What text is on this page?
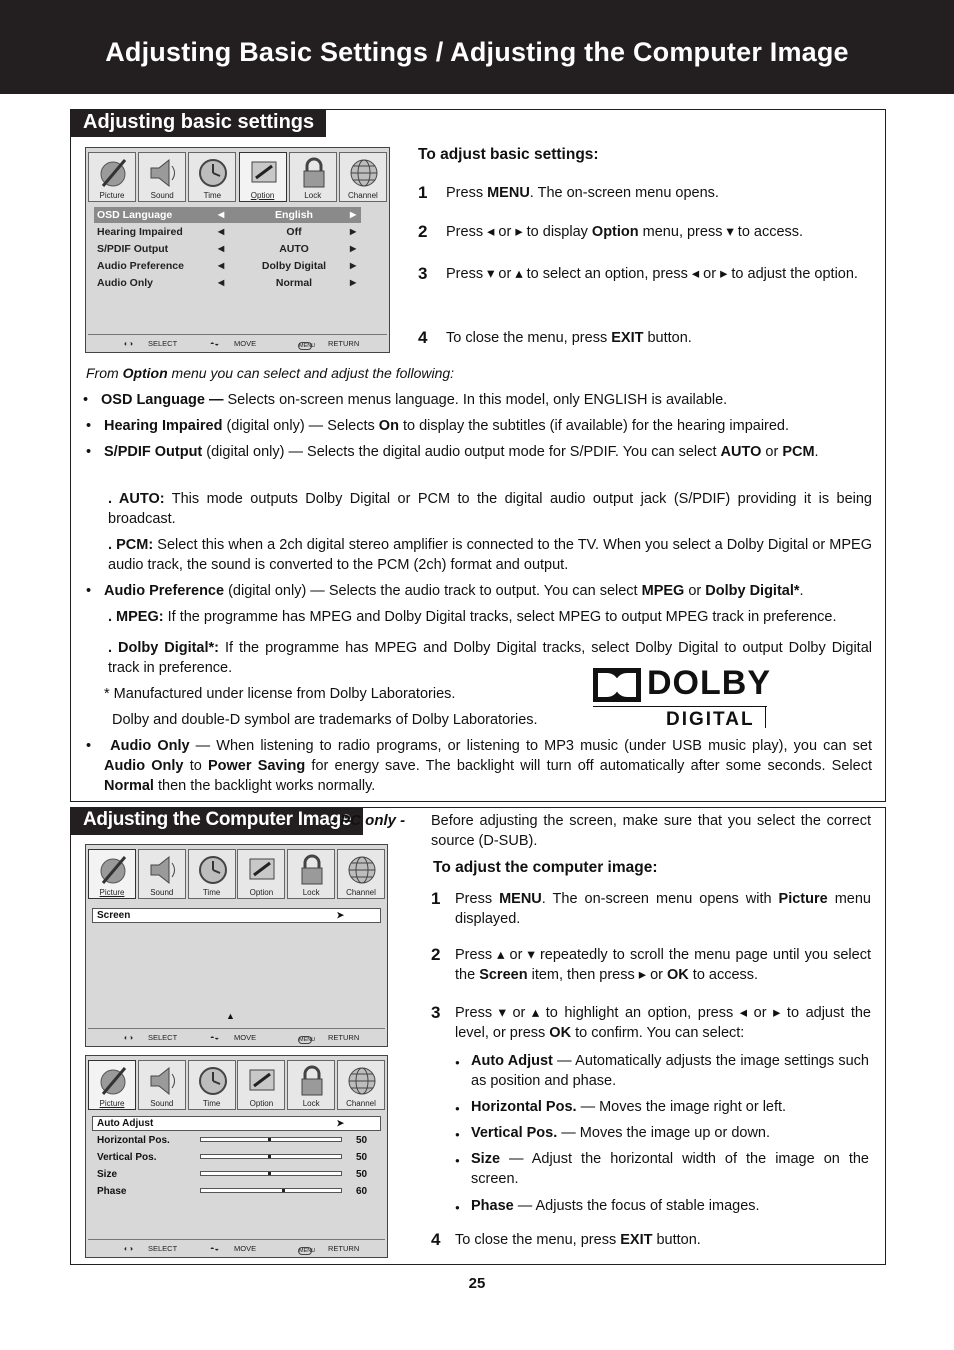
Adjusting Basic Settings / Adjusting the Computer Image
Adjusting basic settings
Picture	Sound	Time	Option	Lock	Channel
OSD Language	◀	English	▶
Hearing Impaired	◀	Off	▶
S/PDIF Output	◀	AUTO	▶
Audio Preference	◀	Dolby Digital	▶
Audio Only	◀	Normal	▶
◐◑ SELECT	◓◒ MOVE	MENU RETURN
To adjust basic settings:
1 Press MENU. The on-screen menu opens.
2 Press ◂ or ▸ to display Option menu, press ▾ to access.
3 Press ▾ or ▴ to select an option, press ◂ or ▸ to adjust the option.
4 To close the menu, press EXIT button.
From Option menu you can select and adjust the following:
• OSD Language — Selects on-screen menus language. In this model, only ENGLISH is available.
• Hearing Impaired (digital only) — Selects On to display the subtitles (if available) for the hearing impaired.
• S/PDIF Output (digital only) — Selects the digital audio output mode for S/PDIF. You can select AUTO or PCM.
. AUTO: This mode outputs Dolby Digital or PCM to the digital audio output jack (S/PDIF) providing it is being broadcast.
. PCM: Select this when a 2ch digital stereo amplifier is connected to the TV. When you select a Dolby Digital or MPEG audio track, the sound is converted to the PCM (2ch) format and output.
• Audio Preference (digital only) — Selects the audio track to output. You can select MPEG or Dolby Digital*.
. MPEG: If the programme has MPEG and Dolby Digital tracks, select MPEG to output MPEG track in preference.
. Dolby Digital*: If the programme has MPEG and Dolby Digital tracks, select Dolby Digital to output Dolby Digital track in preference.
* Manufactured under license from Dolby Laboratories.
Dolby and double-D symbol are trademarks of Dolby Laboratories.
DOLBY
DIGITAL
• Audio Only — When listening to radio programs, or listening to MP3 music (under USB music play), you can set Audio Only to Power Saving for energy save. The backlight will turn off automatically after some seconds. Select Normal then the backlight works normally.
Adjusting the Computer Image
- PC only -
Picture	Sound	Time	Option	Lock	Channel
Screen	➤
▲
◐◑ SELECT	◓◒ MOVE	MENU RETURN
Picture	Sound	Time	Option	Lock	Channel
Auto Adjust	➤
Horizontal Pos.	50
Vertical Pos.	50
Size	50
Phase	60
◐◑ SELECT	◓◒ MOVE	MENU RETURN
Before adjusting the screen, make sure that you select the correct source (D-SUB).
To adjust the computer image:
1 Press MENU. The on-screen menu opens with Picture menu displayed.
2 Press ▴ or ▾ repeatedly to scroll the menu page until you select the Screen item, then press ▸ or OK to access.
3 Press ▾ or ▴ to highlight an option, press ◂ or ▸ to adjust the level, or press OK to confirm. You can select:
● Auto Adjust — Automatically adjusts the image settings such as position and phase.
● Horizontal Pos. — Moves the image right or left.
● Vertical Pos. — Moves the image up or down.
● Size — Adjust the horizontal width of the image on the screen.
● Phase — Adjusts the focus of stable images.
4 To close the menu, press EXIT button.
25
